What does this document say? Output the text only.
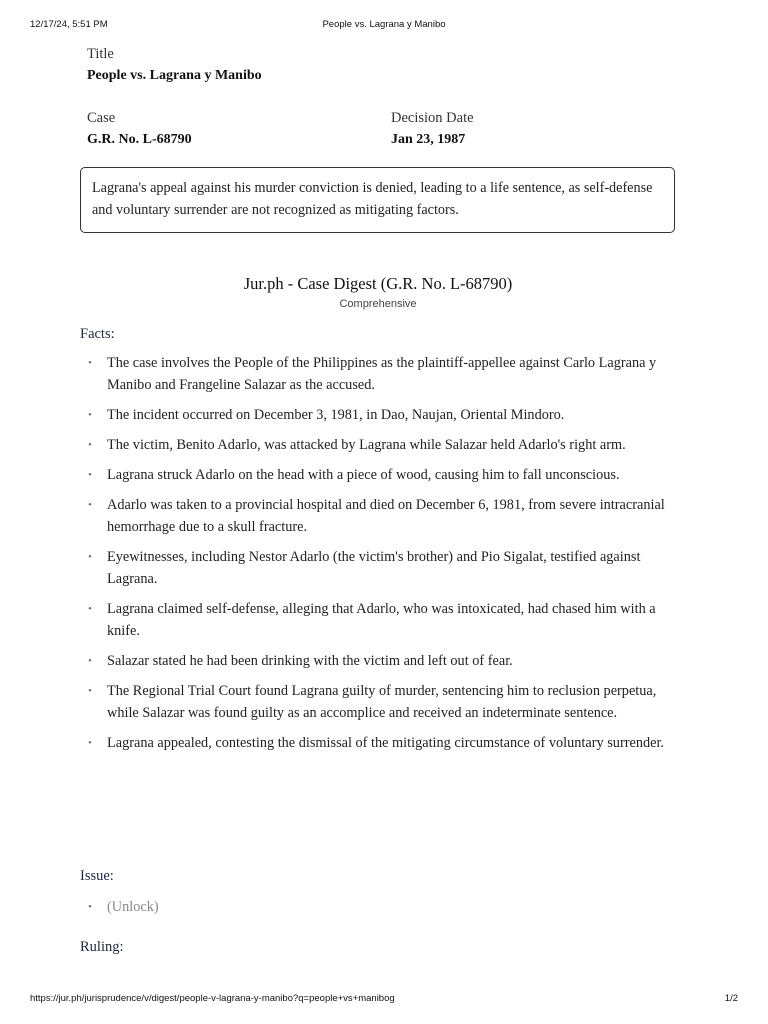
12/17/24, 5:51 PM	People vs. Lagrana y Manibo
Title
People vs. Lagrana y Manibo
Case
G.R. No. L-68790
Decision Date
Jan 23, 1987
Lagrana's appeal against his murder conviction is denied, leading to a life sentence, as self-defense and voluntary surrender are not recognized as mitigating factors.
Jur.ph - Case Digest (G.R. No. L-68790)
Comprehensive
Facts:
• The case involves the People of the Philippines as the plaintiff-appellee against Carlo Lagrana y Manibo and Frangeline Salazar as the accused.
• The incident occurred on December 3, 1981, in Dao, Naujan, Oriental Mindoro.
• The victim, Benito Adarlo, was attacked by Lagrana while Salazar held Adarlo's right arm.
• Lagrana struck Adarlo on the head with a piece of wood, causing him to fall unconscious.
• Adarlo was taken to a provincial hospital and died on December 6, 1981, from severe intracranial hemorrhage due to a skull fracture.
• Eyewitnesses, including Nestor Adarlo (the victim's brother) and Pio Sigalat, testified against Lagrana.
• Lagrana claimed self-defense, alleging that Adarlo, who was intoxicated, had chased him with a knife.
• Salazar stated he had been drinking with the victim and left out of fear.
• The Regional Trial Court found Lagrana guilty of murder, sentencing him to reclusion perpetua, while Salazar was found guilty as an accomplice and received an indeterminate sentence.
• Lagrana appealed, contesting the dismissal of the mitigating circumstance of voluntary surrender.
Issue:
• (Unlock)
Ruling:
https://jur.ph/jurisprudence/v/digest/people-v-lagrana-y-manibo?q=people+vs+manibog	1/2
